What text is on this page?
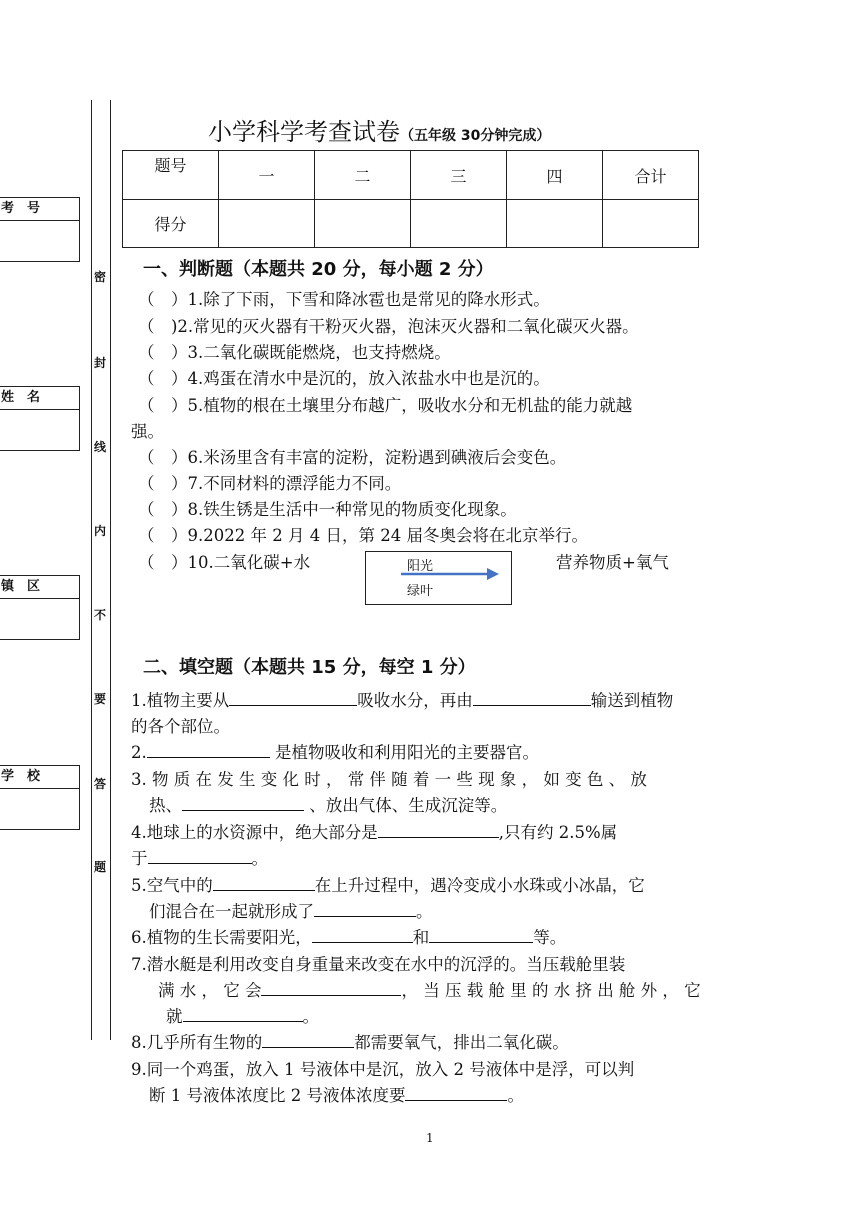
考　号
姓　名
镇　区
学　校
密
封
线
内
不
要
答
题
小学科学考查试卷（五年级 30分钟完成）
题号	一	二	三	四	合计
得分					
一、判断题（本题共 20 分，每小题 2 分）
（　）1.除了下雨，下雪和降冰雹也是常见的降水形式。
（　)2.常见的灭火器有干粉灭火器，泡沫灭火器和二氧化碳灭火器。
（　）3.二氧化碳既能燃烧，也支持燃烧。
（　）4.鸡蛋在清水中是沉的，放入浓盐水中也是沉的。
（　）5.植物的根在土壤里分布越广，吸收水分和无机盐的能力就越
强。
（　）6.米汤里含有丰富的淀粉，淀粉遇到碘液后会变色。
（　）7.不同材料的漂浮能力不同。
（　）8.铁生锈是生活中一种常见的物质变化现象。
（　）9.2022 年 2 月 4 日，第 24 届冬奥会将在北京举行。
（　）10.二氧化碳+水	阳光
绿叶
营养物质+氧气
二、填空题（本题共 15 分，每空 1 分）
1.植物主要从	吸收水分，再由	输送到植物
的各个部位。
2.	是植物吸收和利用阳光的主要器官。
3. 物 质 在 发 生 变 化 时 ， 常 伴 随 着 一 些 现 象 ， 如 变 色 、 放
热、	、放出气体、生成沉淀等。
4.地球上的水资源中，绝大部分是	,只有约 2.5%属
于	。
5.空气中的	在上升过程中，遇冷变成小水珠或小冰晶，它
们混合在一起就形成了	。
6.植物的生长需要阳光，	和	等。
7.潜水艇是利用改变自身重量来改变在水中的沉浮的。当压载舱里装
满 水 ， 它 会	， 当 压 载 舱 里 的 水 挤 出 舱 外 ， 它
就	。
8.几乎所有生物的	都需要氧气，排出二氧化碳。
9.同一个鸡蛋，放入 1 号液体中是沉，放入 2 号液体中是浮，可以判
断 1 号液体浓度比 2 号液体浓度要	。
1
